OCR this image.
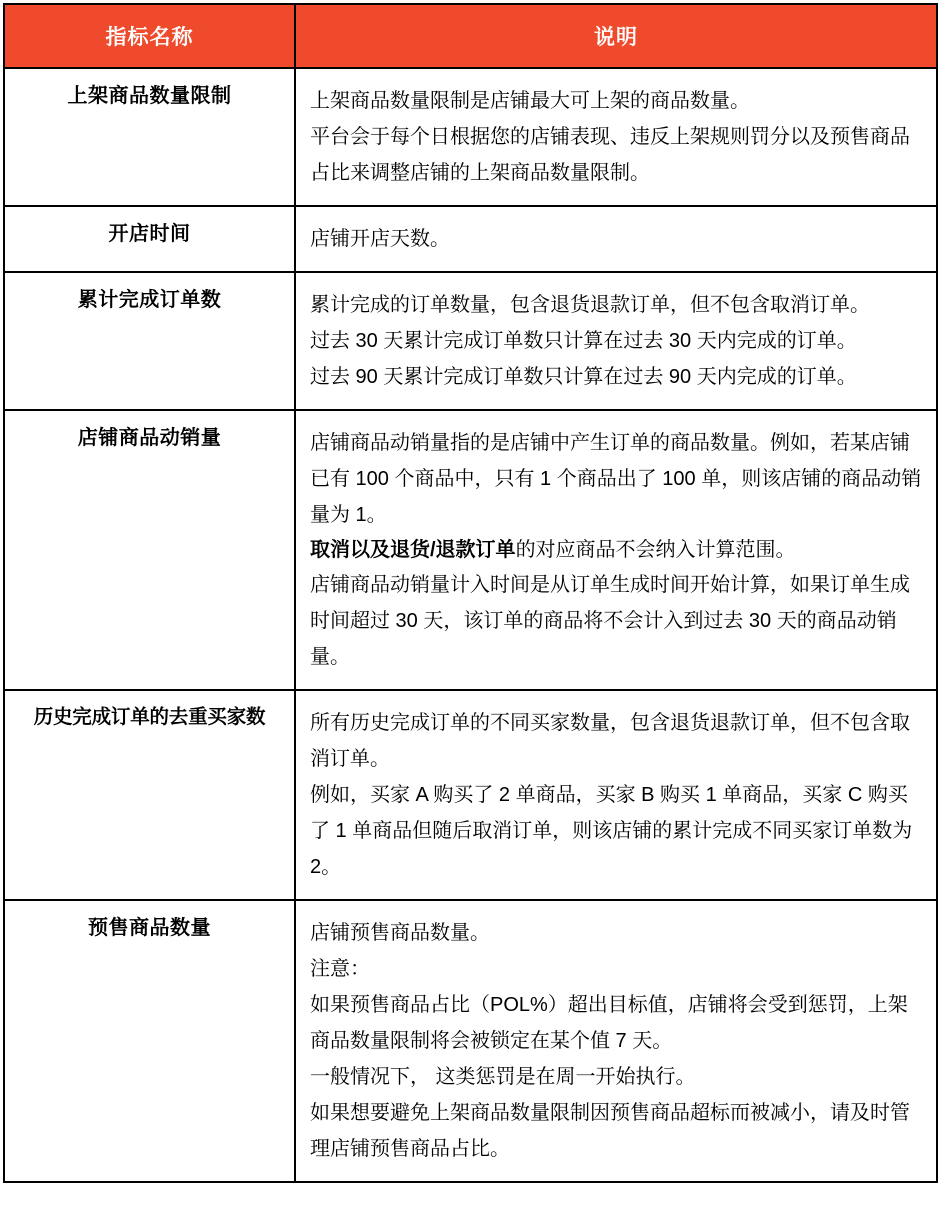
指标名称	说明
上架商品数量限制	上架商品数量限制是店铺最大可上架的商品数量。

平台会于每个日根据您的店铺表现、违反上架规则罚分以及预售商品占比来调整店铺的上架商品数量限制。

开店时间	店铺开店天数。

累计完成订单数	累计完成的订单数量，包含退货退款订单，但不包含取消订单。

过去 30 天累计完成订单数只计算在过去 30 天内完成的订单。

过去 90 天累计完成订单数只计算在过去 90 天内完成的订单。

店铺商品动销量	店铺商品动销量指的是店铺中产生订单的商品数量。例如，若某店铺已有 100 个商品中，只有 1 个商品出了 100 单，则该店铺的商品动销量为 1。

取消以及退货/退款订单的对应商品不会纳入计算范围。

店铺商品动销量计入时间是从订单生成时间开始计算，如果订单生成时间超过 30 天，该订单的商品将不会计入到过去 30 天的商品动销量。

历史完成订单的去重买家数	所有历史完成订单的不同买家数量，包含退货退款订单，但不包含取消订单。

例如，买家 A 购买了 2 单商品，买家 B 购买 1 单商品，买家 C 购买了 1 单商品但随后取消订单，则该店铺的累计完成不同买家订单数为 2。

预售商品数量	店铺预售商品数量。

注意：

如果预售商品占比（POL%）超出目标值，店铺将会受到惩罚，上架商品数量限制将会被锁定在某个值 7 天。

一般情况下， 这类惩罚是在周一开始执行。

如果想要避免上架商品数量限制因预售商品超标而被减小，请及时管理店铺预售商品占比。
